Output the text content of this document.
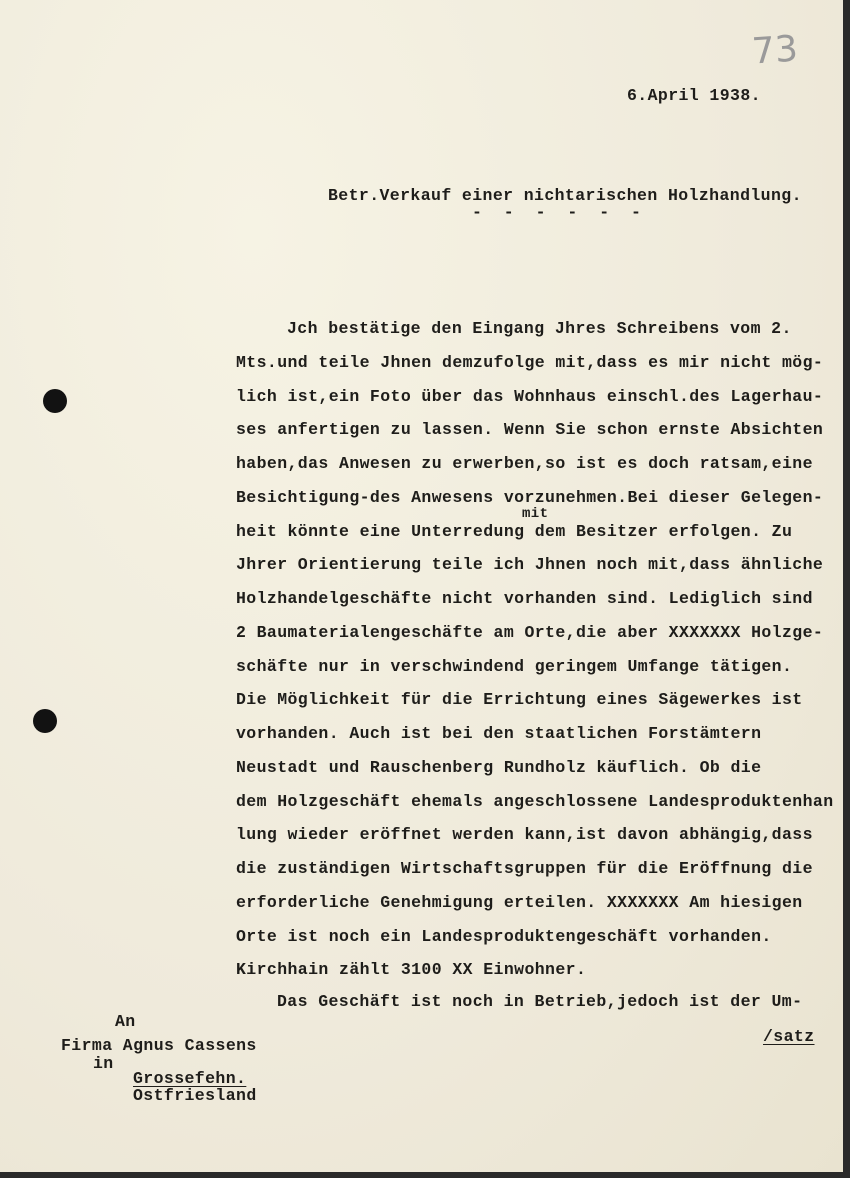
73
6.April 1938.
Betr.Verkauf einer nichtarischen Holzhandlung.
- - - - - -
Jch bestätige den Eingang Jhres Schreibens vom 2.
Mts.und teile Jhnen demzufolge mit,dass es mir nicht mög-
lich ist,ein Foto über das Wohnhaus einschl.des Lagerhau-
ses anfertigen zu lassen. Wenn Sie schon ernste Absichten
haben,das Anwesen zu erwerben,so ist es doch ratsam,eine
Besichtigung-des Anwesens vorzunehmen.Bei dieser Gelegen-
mit
heit könnte eine Unterredung dem Besitzer erfolgen. Zu
Jhrer Orientierung teile ich Jhnen noch mit,dass ähnliche
Holzhandelgeschäfte nicht vorhanden sind. Lediglich sind
2 Baumaterialengeschäfte am Orte,die aber XXXXXXX Holzge-
schäfte nur in verschwindend geringem Umfange tätigen.
Die Möglichkeit für die Errichtung eines Sägewerkes ist
vorhanden. Auch ist bei den staatlichen Forstämtern
Neustadt und Rauschenberg Rundholz käuflich. Ob die
dem Holzgeschäft ehemals angeschlossene Landesproduktenhan
lung wieder eröffnet werden kann,ist davon abhängig,dass
die zuständigen Wirtschaftsgruppen für die Eröffnung die
erforderliche Genehmigung erteilen. XXXXXXX Am hiesigen
Orte ist noch ein Landesproduktengeschäft vorhanden.
Kirchhain zählt 3100 XX Einwohner.
Das Geschäft ist noch in Betrieb,jedoch ist der Um-
An
/satz
Firma Agnus Cassens
in
Grossefehn.
Ostfriesland
